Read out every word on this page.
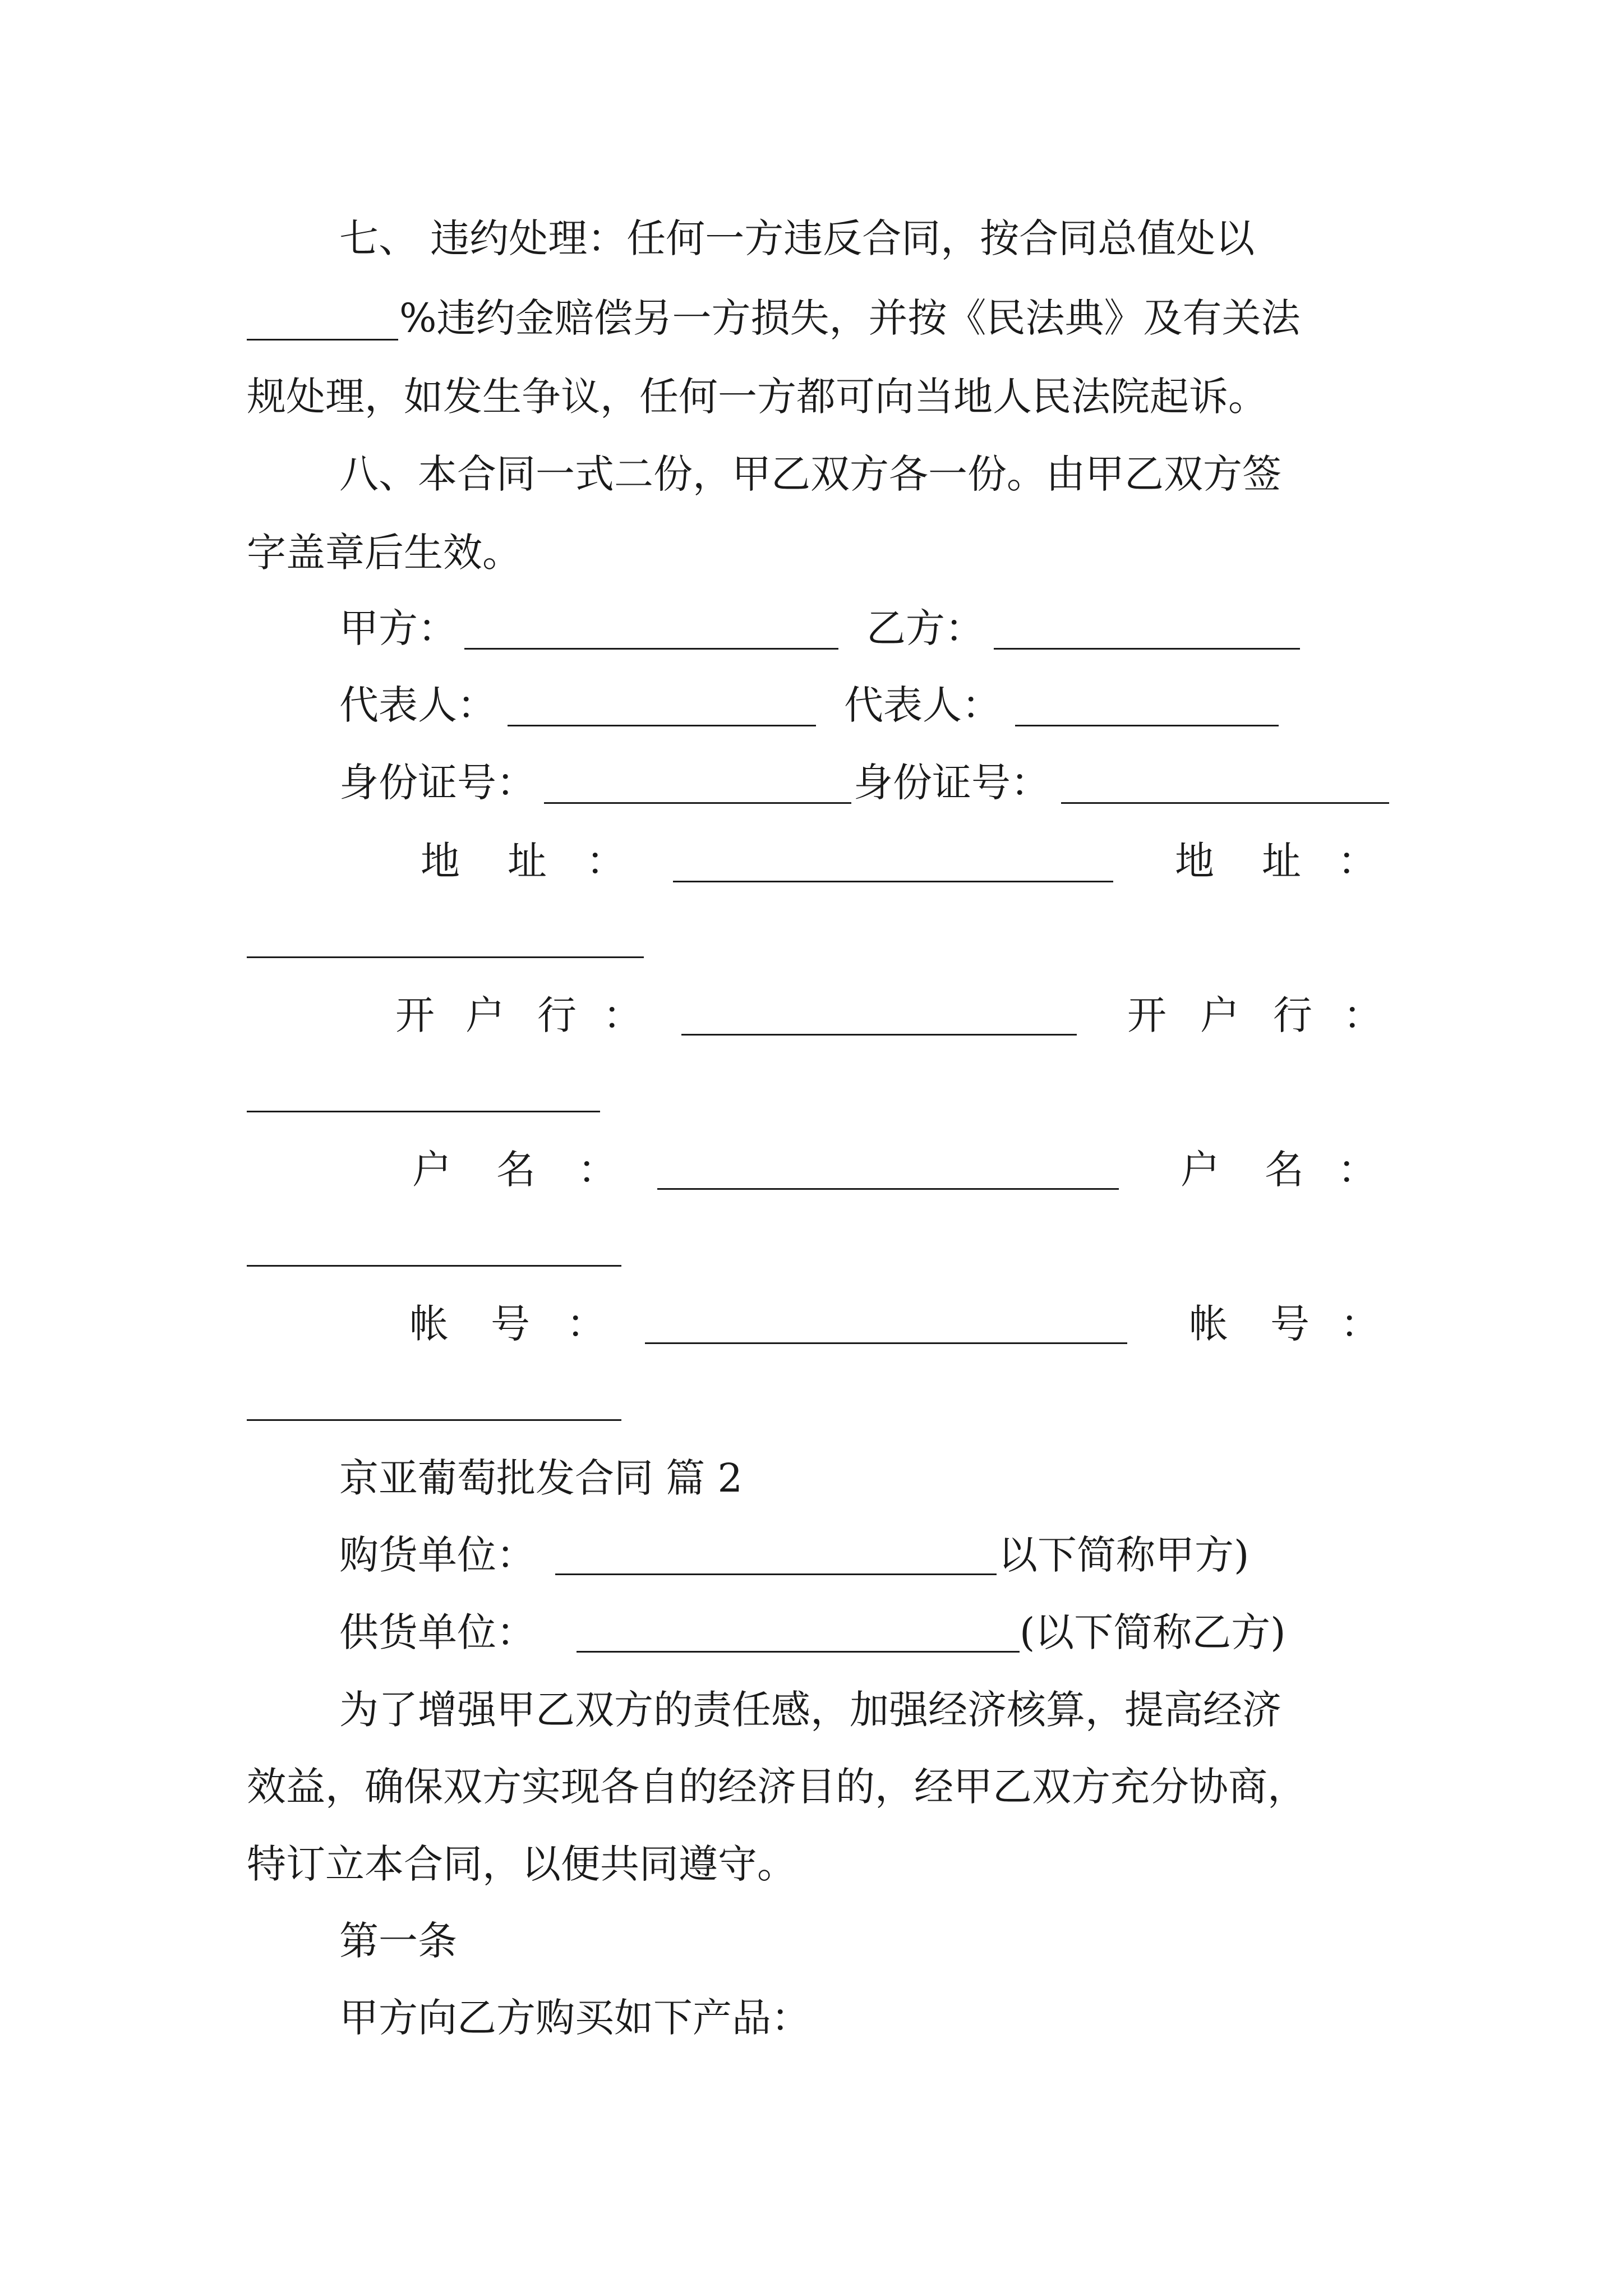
七、 违约处理：任何一方违反合同，按合同总值处以
%违约金赔偿另一方损失，并按《民法典》及有关法
规处理，如发生争议，任何一方都可向当地人民法院起诉。
八、本合同一式二份，甲乙双方各一份。由甲乙双方签
字盖章后生效。
甲方：	乙方：
代表人：	代表人：
身份证号：	身份证号：
地 址 ：	地 址 ：
开 户 行 ：	开 户 行 ：
户 名 ：	户 名 ：
帐 号 ：	帐 号 ：
京亚葡萄批发合同 篇 2
购货单位：	以下简称甲方)
供货单位：	(以下简称乙方)
为了增强甲乙双方的责任感，加强经济核算，提高经济
效益，确保双方实现各自的经济目的，经甲乙双方充分协商，
特订立本合同，以便共同遵守。
第一条
甲方向乙方购买如下产品：
